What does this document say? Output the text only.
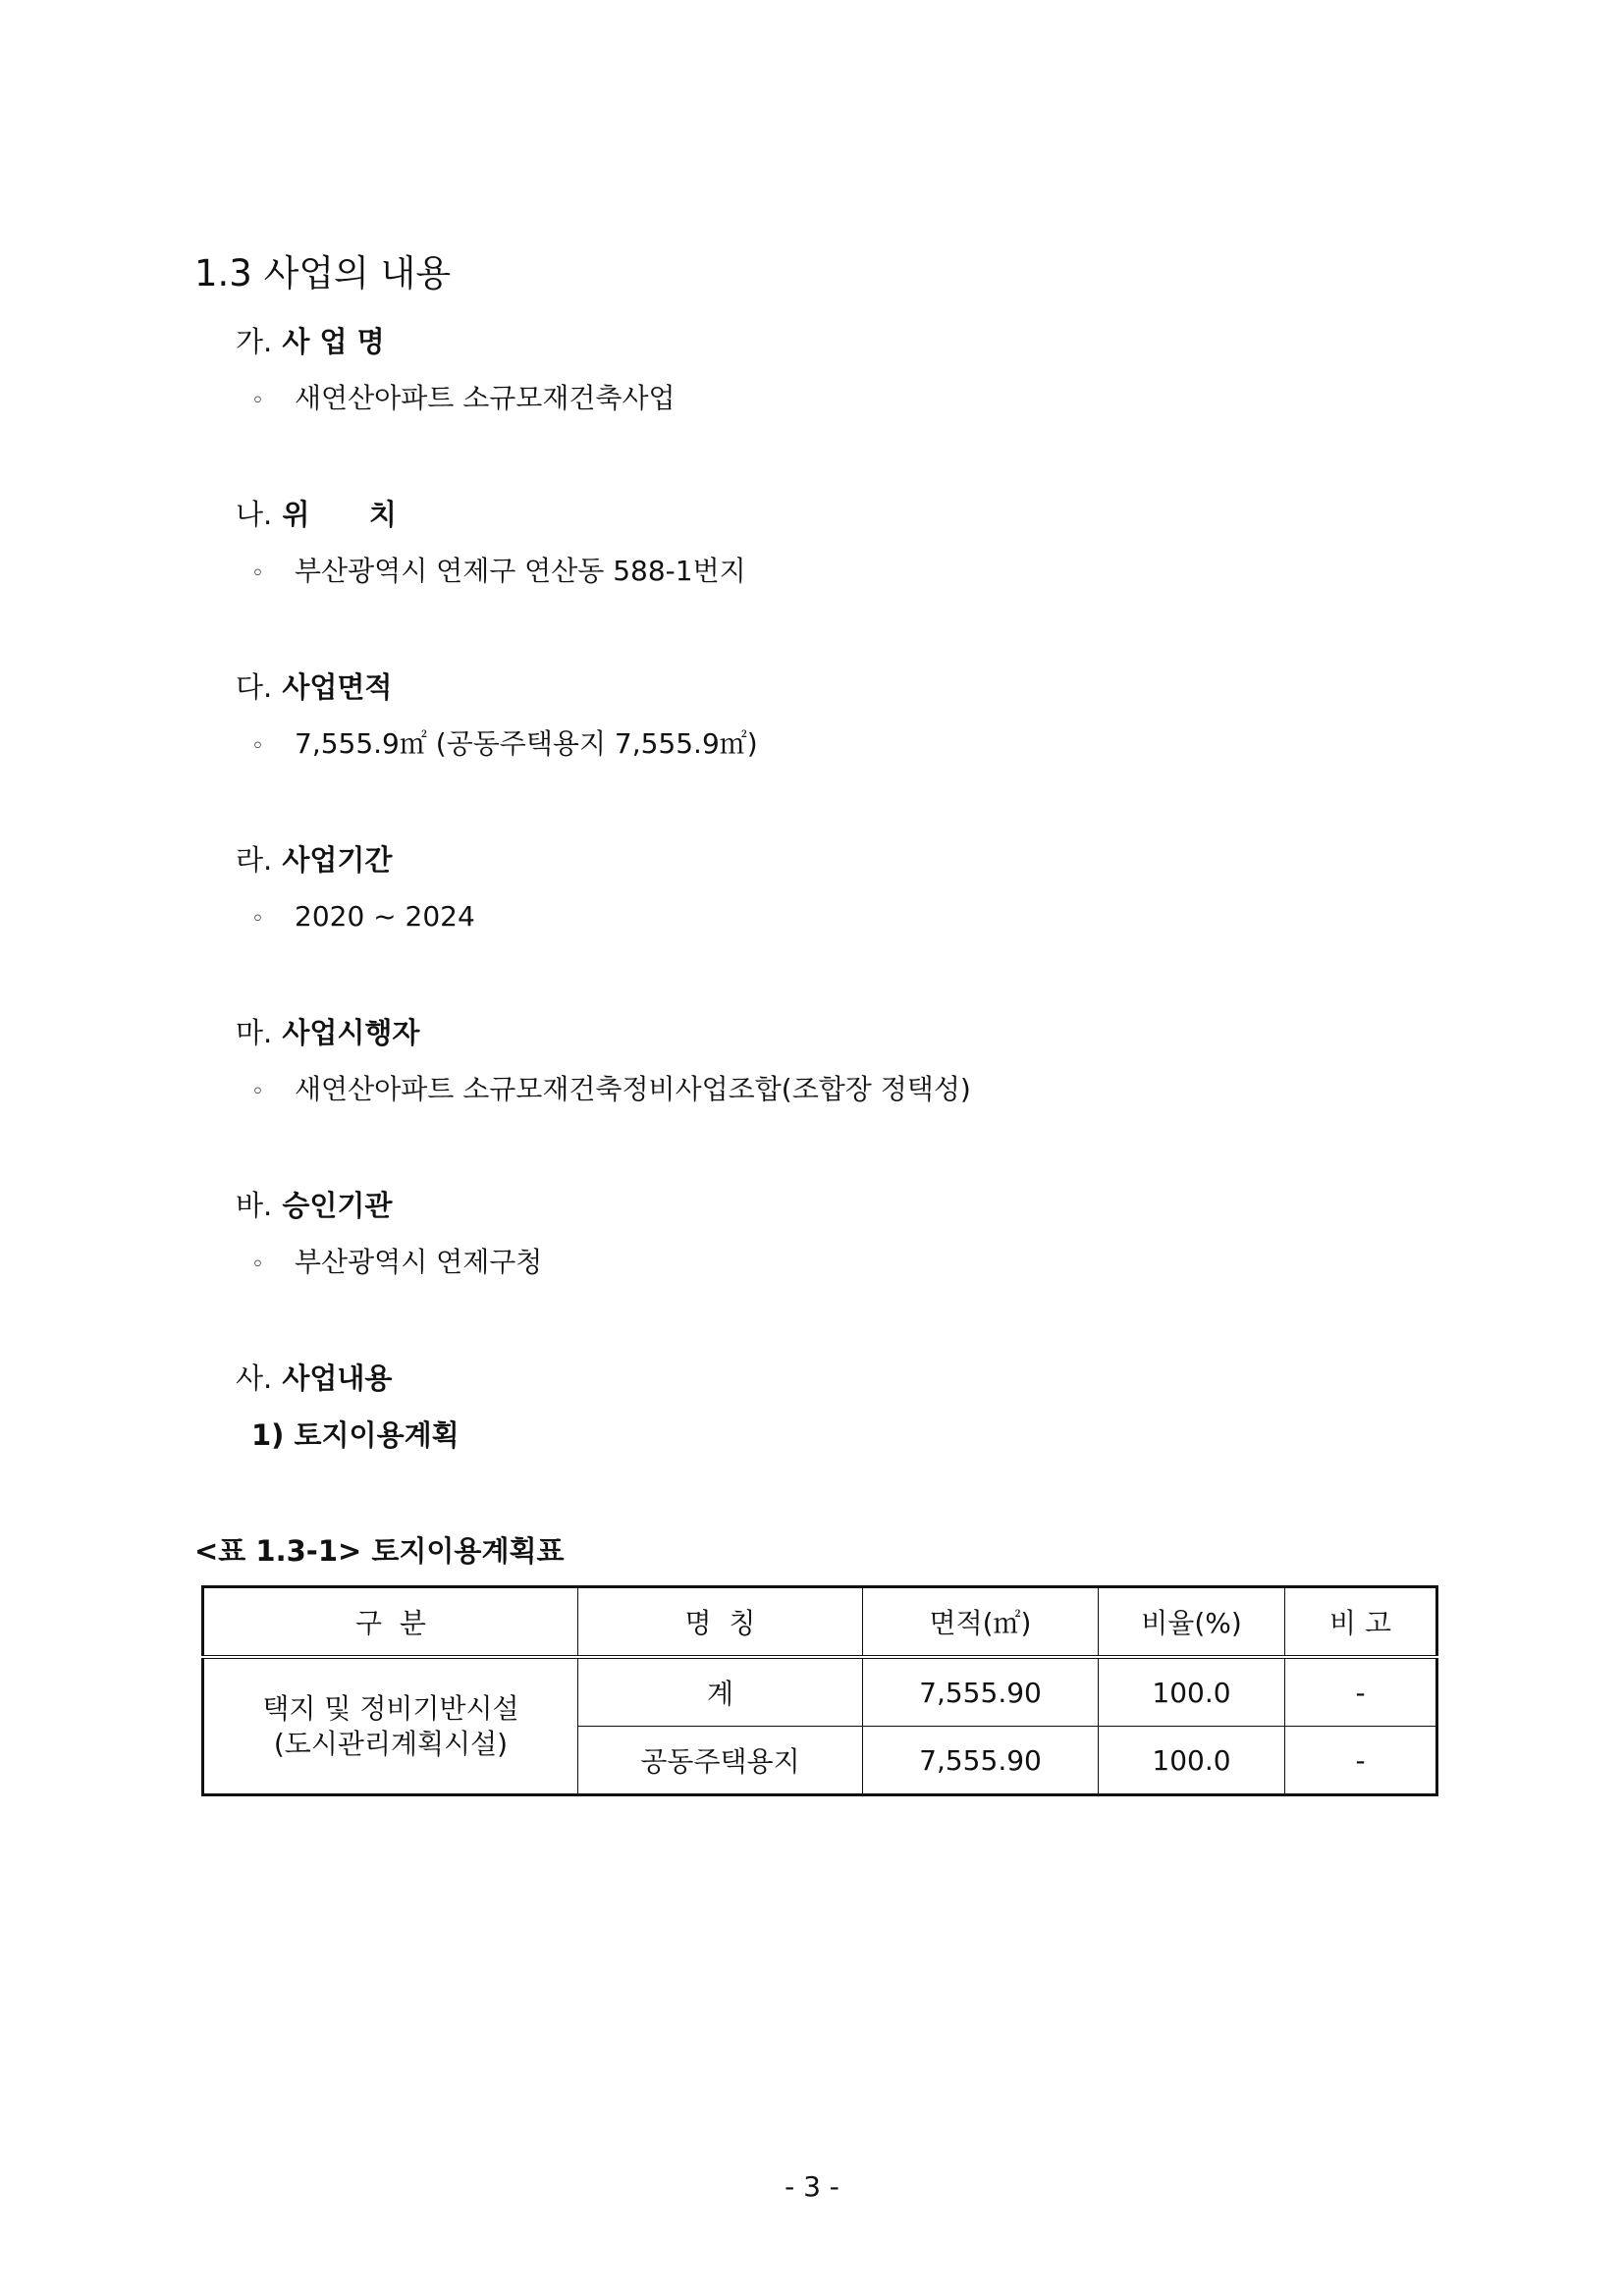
1.3 사업의 내용
가. 사 업 명
◦ 새연산아파트 소규모재건축사업
나. 위      치
◦ 부산광역시 연제구 연산동 588-1번지
다. 사업면적
◦ 7,555.9㎡ (공동주택용지 7,555.9㎡)
라. 사업기간
◦ 2020 ~ 2024
마. 사업시행자
◦ 새연산아파트 소규모재건축정비사업조합(조합장 정택성)
바. 승인기관
◦ 부산광역시 연제구청
사. 사업내용
1) 토지이용계획
<표 1.3-1> 토지이용계획표
구  분	명  칭	면적(㎡)	비율(%)	비 고

택지 및 정비기반시설
(도시관리계획시설)	계	7,555.90	100.0	-
	공동주택용지	7,555.90	100.0	-
- 3 -
